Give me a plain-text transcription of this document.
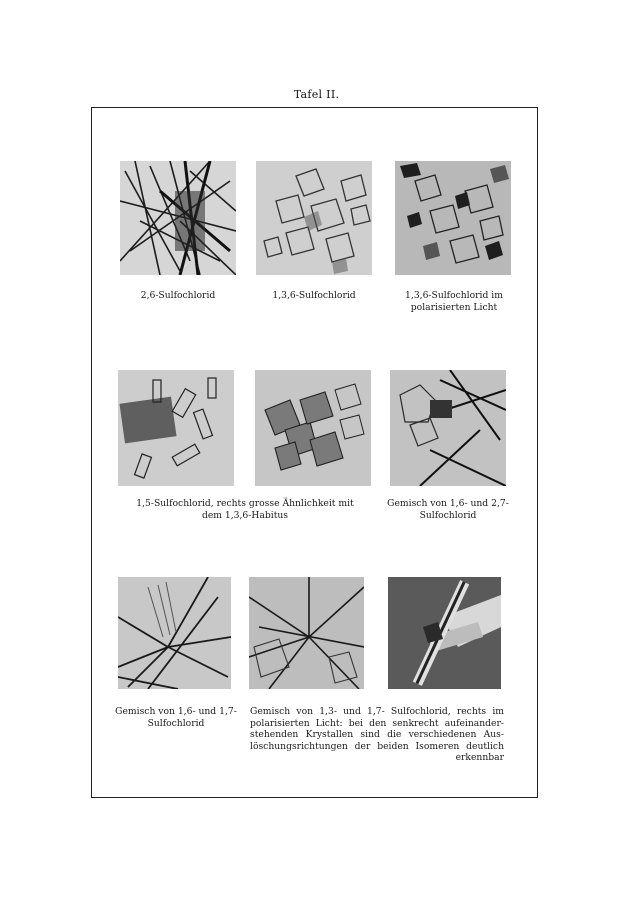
Tafel II.
2,6-Sulfochlorid	1,3,6-Sulfochlorid	1,3,6-Sulfochlorid im polarisierten Licht
1,5-Sulfochlorid, rechts grosse Ähnlichkeit mit dem 1,3,6-Habitus
Gemisch von 1,6- und 2,7-Sulfochlorid
Gemisch von 1,6- und 1,7-Sulfochlorid
Gemisch von 1,3- und 1,7- Sulfochlorid, rechts im polarisierten Licht: bei den senkrecht aufeinander-stehenden Krystallen sind die verschiedenen Aus-löschungsrichtungen der beiden Isomeren deutlich erkennbar
